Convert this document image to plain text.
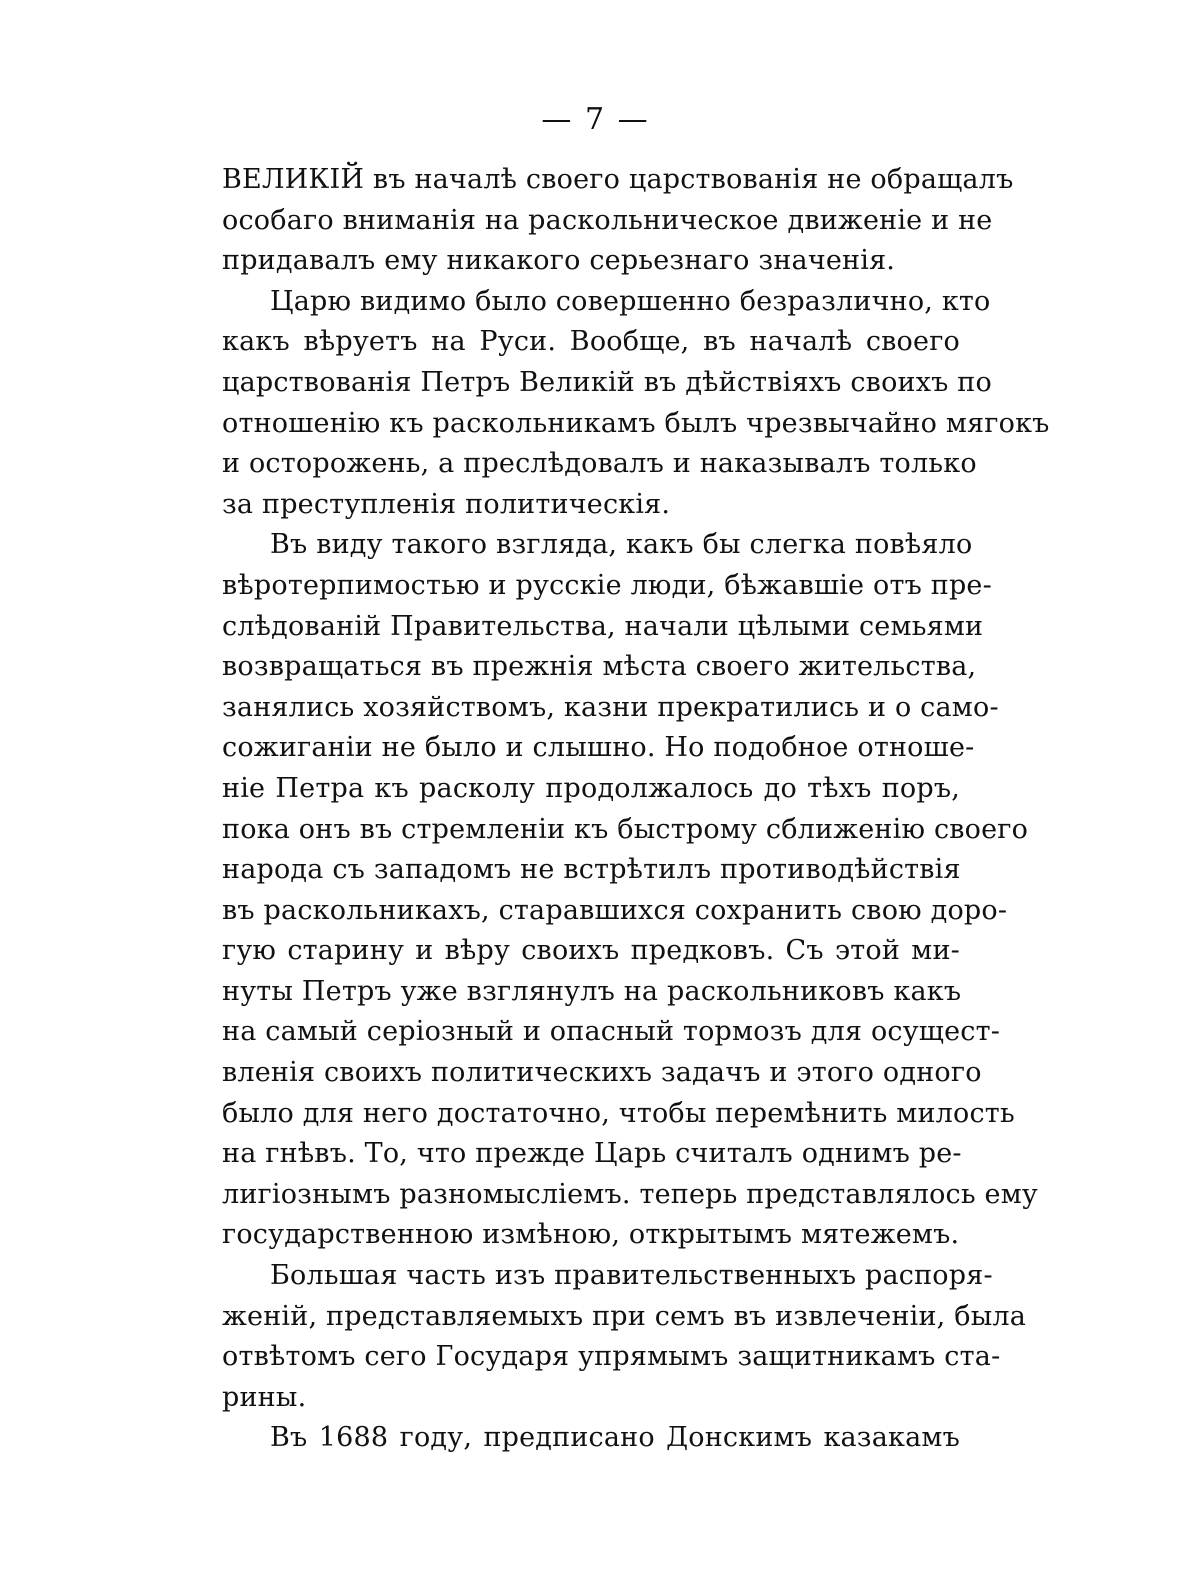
— 7 —
ВЕЛИКІЙ въ началѣ своего царствованія не обращалъ
особаго вниманія на раскольническое движеніе и не
придавалъ ему никакого серьезнаго значенія.
Царю видимо было совершенно безразлично, кто
какъ вѣруетъ на Руси. Вообще, въ началѣ своего
царствованія Петръ Великій въ дѣйствіяхъ своихъ по
отношенію къ раскольникамъ былъ чрезвычайно мягокъ
и осторожень, а преслѣдовалъ и наказывалъ только
за преступленія политическія.
Въ виду такого взгляда, какъ бы слегка повѣяло
вѣротерпимостью и русскіе люди, бѣжавшіе отъ пре-
слѣдованій Правительства, начали цѣлыми семьями
возвращаться въ прежнія мѣста своего жительства,
занялись хозяйствомъ, казни прекратились и о само-
сожиганіи не было и слышно. Но подобное отноше-
ніе Петра къ расколу продолжалось до тѣхъ поръ,
пока онъ въ стремленіи къ быстрому сближенію своего
народа съ западомъ не встрѣтилъ противодѣйствія
въ раскольникахъ, старавшихся сохранить свою доро-
гую старину и вѣру своихъ предковъ. Съ этой ми-
нуты Петръ уже взглянулъ на раскольниковъ какъ
на самый серіозный и опасный тормозъ для осущест-
вленія своихъ политическихъ задачъ и этого одного
было для него достаточно, чтобы перемѣнить милость
на гнѣвъ. То, что прежде Царь считалъ однимъ ре-
лигіознымъ разномысліемъ. теперь представлялось ему
государственною измѣною, открытымъ мятежемъ.
Большая часть изъ правительственныхъ распоря-
женій, представляемыхъ при семъ въ извлеченіи, была
отвѣтомъ сего Государя упрямымъ защитникамъ ста-
рины.
Въ 1688 году, предписано Донскимъ казакамъ
